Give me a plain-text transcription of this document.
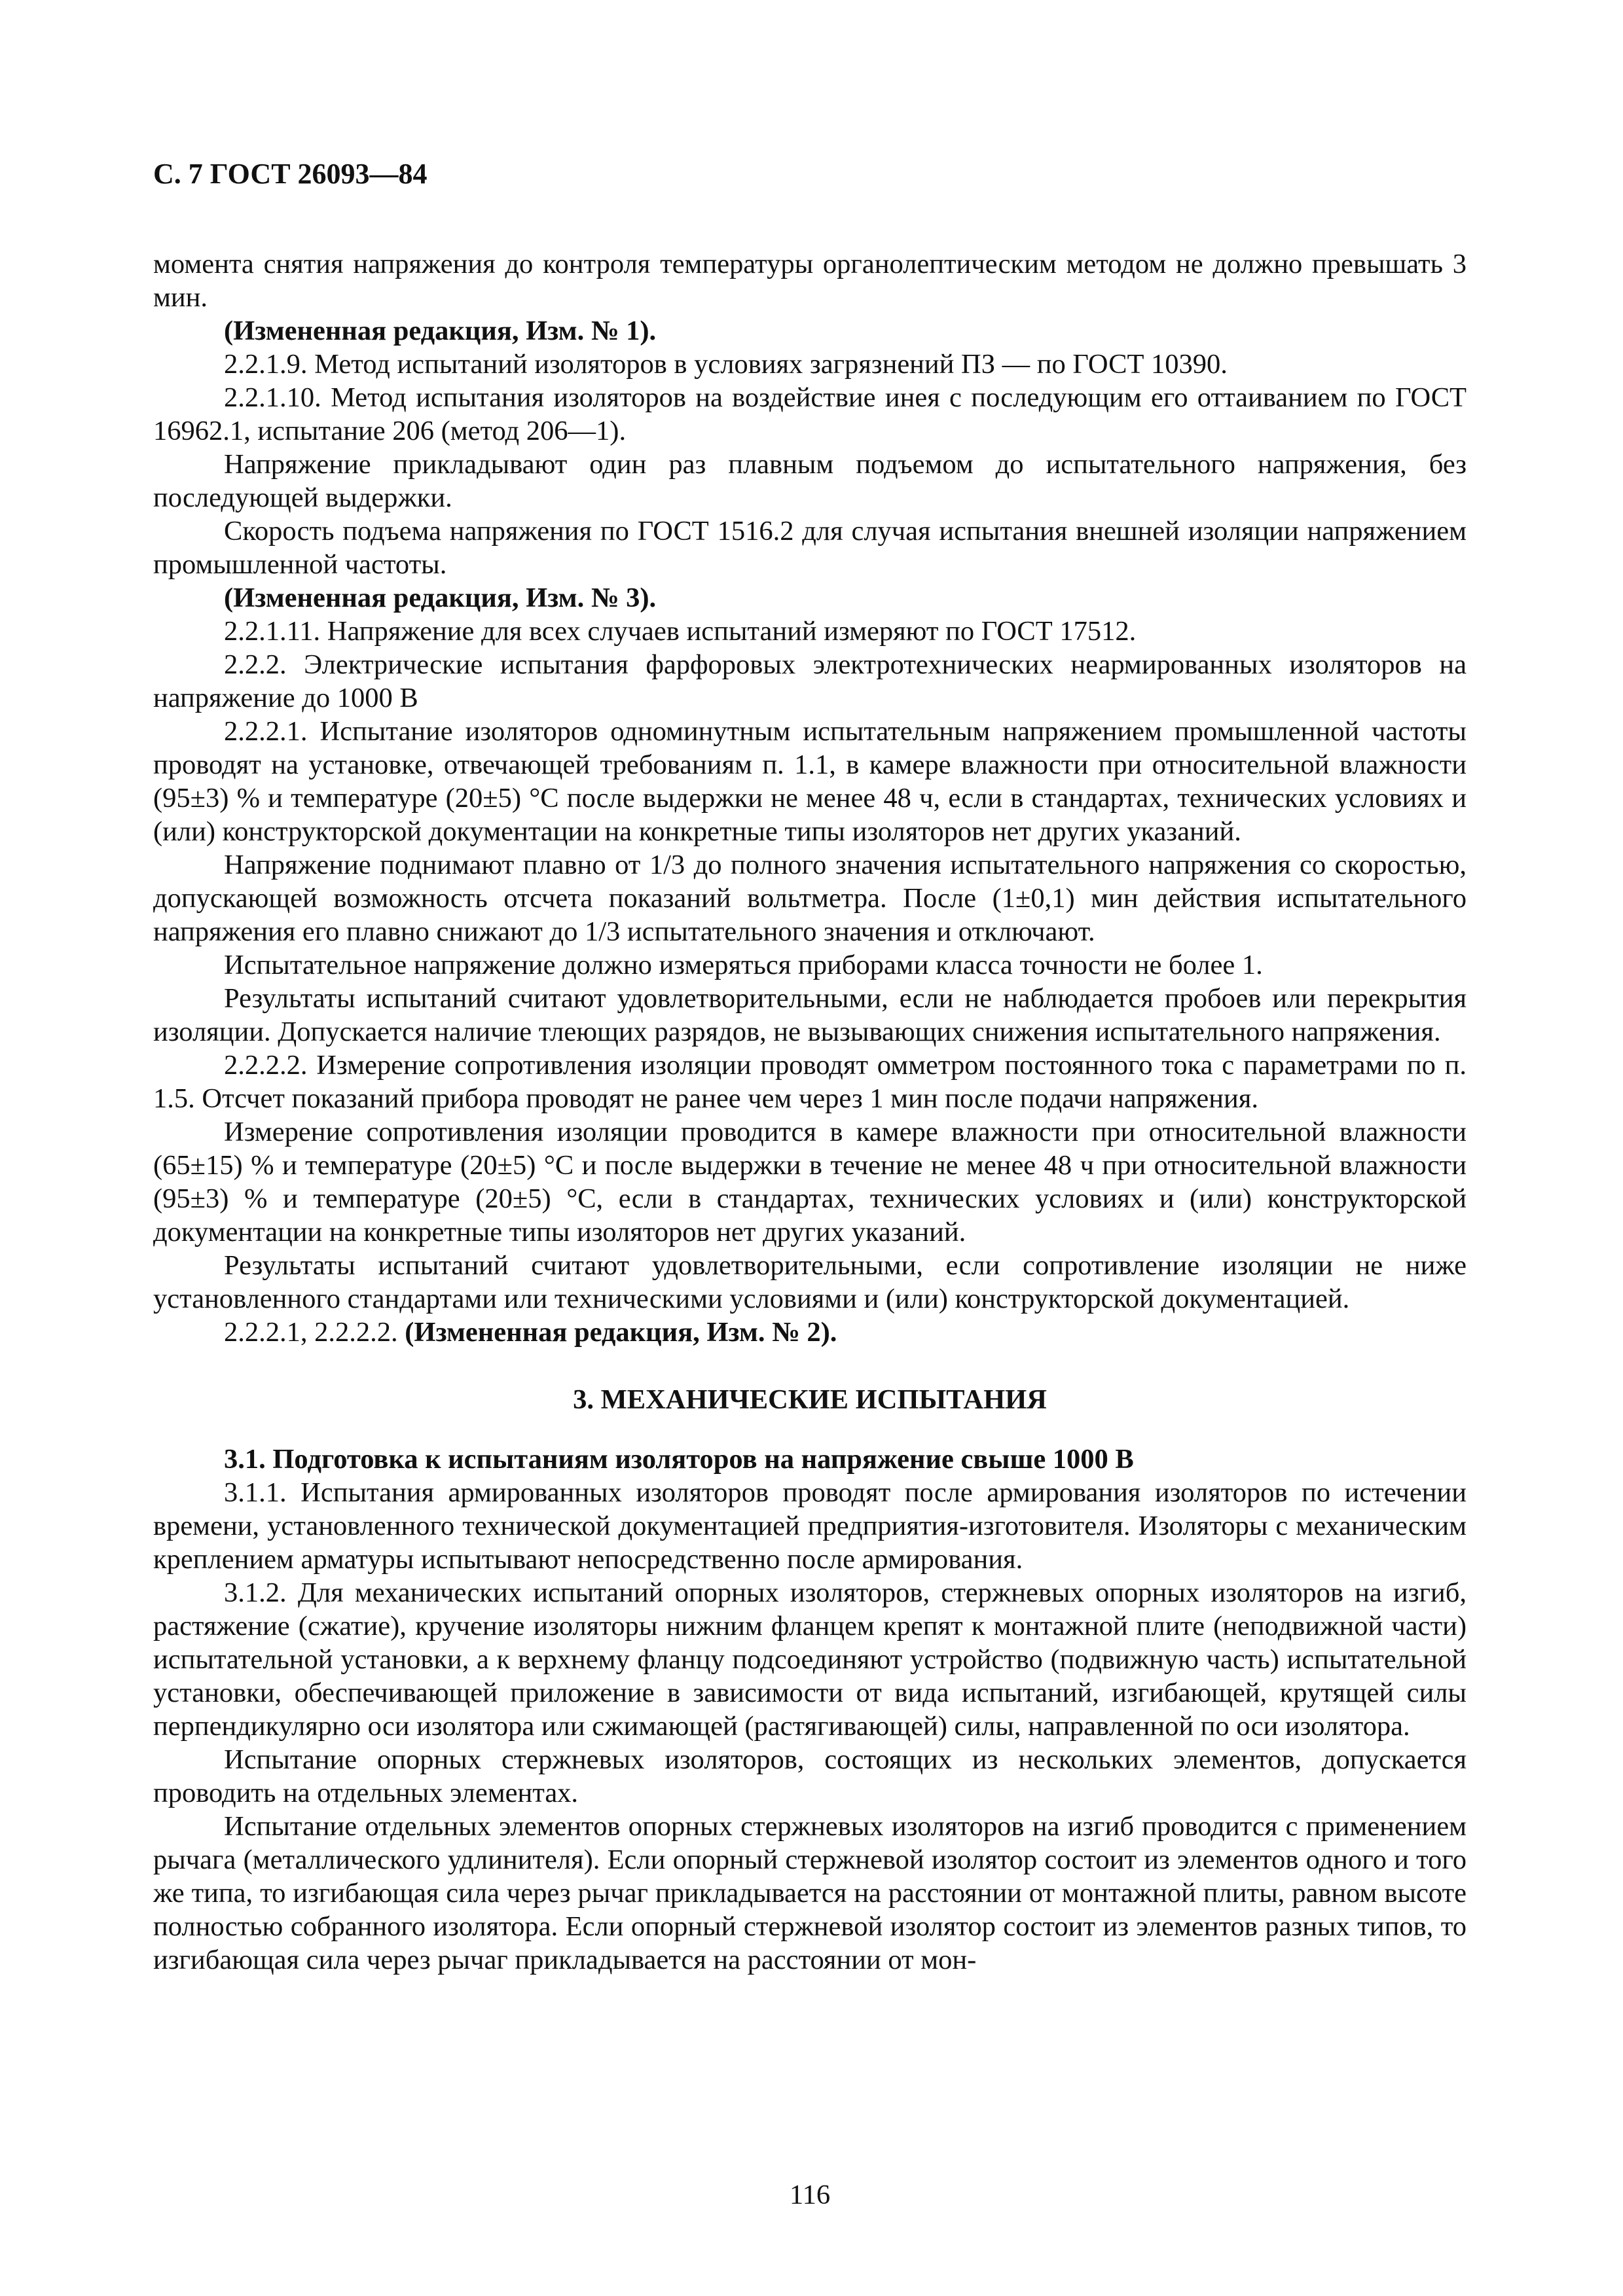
С. 7 ГОСТ 26093—84

момента снятия напряжения до контроля температуры органолептическим методом не должно превышать 3 мин.

(Измененная редакция, Изм. № 1).

2.2.1.9. Метод испытаний изоляторов в условиях загрязнений ПЗ — по ГОСТ 10390.

2.2.1.10. Метод испытания изоляторов на воздействие инея с последующим его оттаиванием по ГОСТ 16962.1, испытание 206 (метод 206—1).

Напряжение прикладывают один раз плавным подъемом до испытательного напряжения, без последующей выдержки.

Скорость подъема напряжения по ГОСТ 1516.2 для случая испытания внешней изоляции напряжением промышленной частоты.

(Измененная редакция, Изм. № 3).

2.2.1.11. Напряжение для всех случаев испытаний измеряют по ГОСТ 17512.

2.2.2. Электрические испытания фарфоровых электротехнических неармированных изоляторов на напряжение до 1000 В

2.2.2.1. Испытание изоляторов одноминутным испытательным напряжением промышленной частоты проводят на установке, отвечающей требованиям п. 1.1, в камере влажности при относительной влажности (95±3) % и температуре (20±5) °С после выдержки не менее 48 ч, если в стандартах, технических условиях и (или) конструкторской документации на конкретные типы изоляторов нет других указаний.

Напряжение поднимают плавно от 1/3 до полного значения испытательного напряжения со скоростью, допускающей возможность отсчета показаний вольтметра. После (1±0,1) мин действия испытательного напряжения его плавно снижают до 1/3 испытательного значения и отключают.

Испытательное напряжение должно измеряться приборами класса точности не более 1.

Результаты испытаний считают удовлетворительными, если не наблюдается пробоев или перекрытия изоляции. Допускается наличие тлеющих разрядов, не вызывающих снижения испытательного напряжения.

2.2.2.2. Измерение сопротивления изоляции проводят омметром постоянного тока с параметрами по п. 1.5. Отсчет показаний прибора проводят не ранее чем через 1 мин после подачи напряжения.

Измерение сопротивления изоляции проводится в камере влажности при относительной влажности (65±15) % и температуре (20±5) °С и после выдержки в течение не менее 48 ч при относительной влажности (95±3) % и температуре (20±5) °С, если в стандартах, технических условиях и (или) конструкторской документации на конкретные типы изоляторов нет других указаний.

Результаты испытаний считают удовлетворительными, если сопротивление изоляции не ниже установленного стандартами или техническими условиями и (или) конструкторской документацией.

2.2.2.1, 2.2.2.2. (Измененная редакция, Изм. № 2).

3. МЕХАНИЧЕСКИЕ ИСПЫТАНИЯ
3.1. Подготовка к испытаниям изоляторов на напряжение свыше 1000 В

3.1.1. Испытания армированных изоляторов проводят после армирования изоляторов по истечении времени, установленного технической документацией предприятия-изготовителя. Изоляторы с механическим креплением арматуры испытывают непосредственно после армирования.

3.1.2. Для механических испытаний опорных изоляторов, стержневых опорных изоляторов на изгиб, растяжение (сжатие), кручение изоляторы нижним фланцем крепят к монтажной плите (неподвижной части) испытательной установки, а к верхнему фланцу подсоединяют устройство (подвижную часть) испытательной установки, обеспечивающей приложение в зависимости от вида испытаний, изгибающей, крутящей силы перпендикулярно оси изолятора или сжимающей (растягивающей) силы, направленной по оси изолятора.

Испытание опорных стержневых изоляторов, состоящих из нескольких элементов, допускается проводить на отдельных элементах.

Испытание отдельных элементов опорных стержневых изоляторов на изгиб проводится с применением рычага (металлического удлинителя). Если опорный стержневой изолятор состоит из элементов одного и того же типа, то изгибающая сила через рычаг прикладывается на расстоянии от монтажной плиты, равном высоте полностью собранного изолятора. Если опорный стержневой изолятор состоит из элементов разных типов, то изгибающая сила через рычаг прикладывается на расстоянии от мон-

116
